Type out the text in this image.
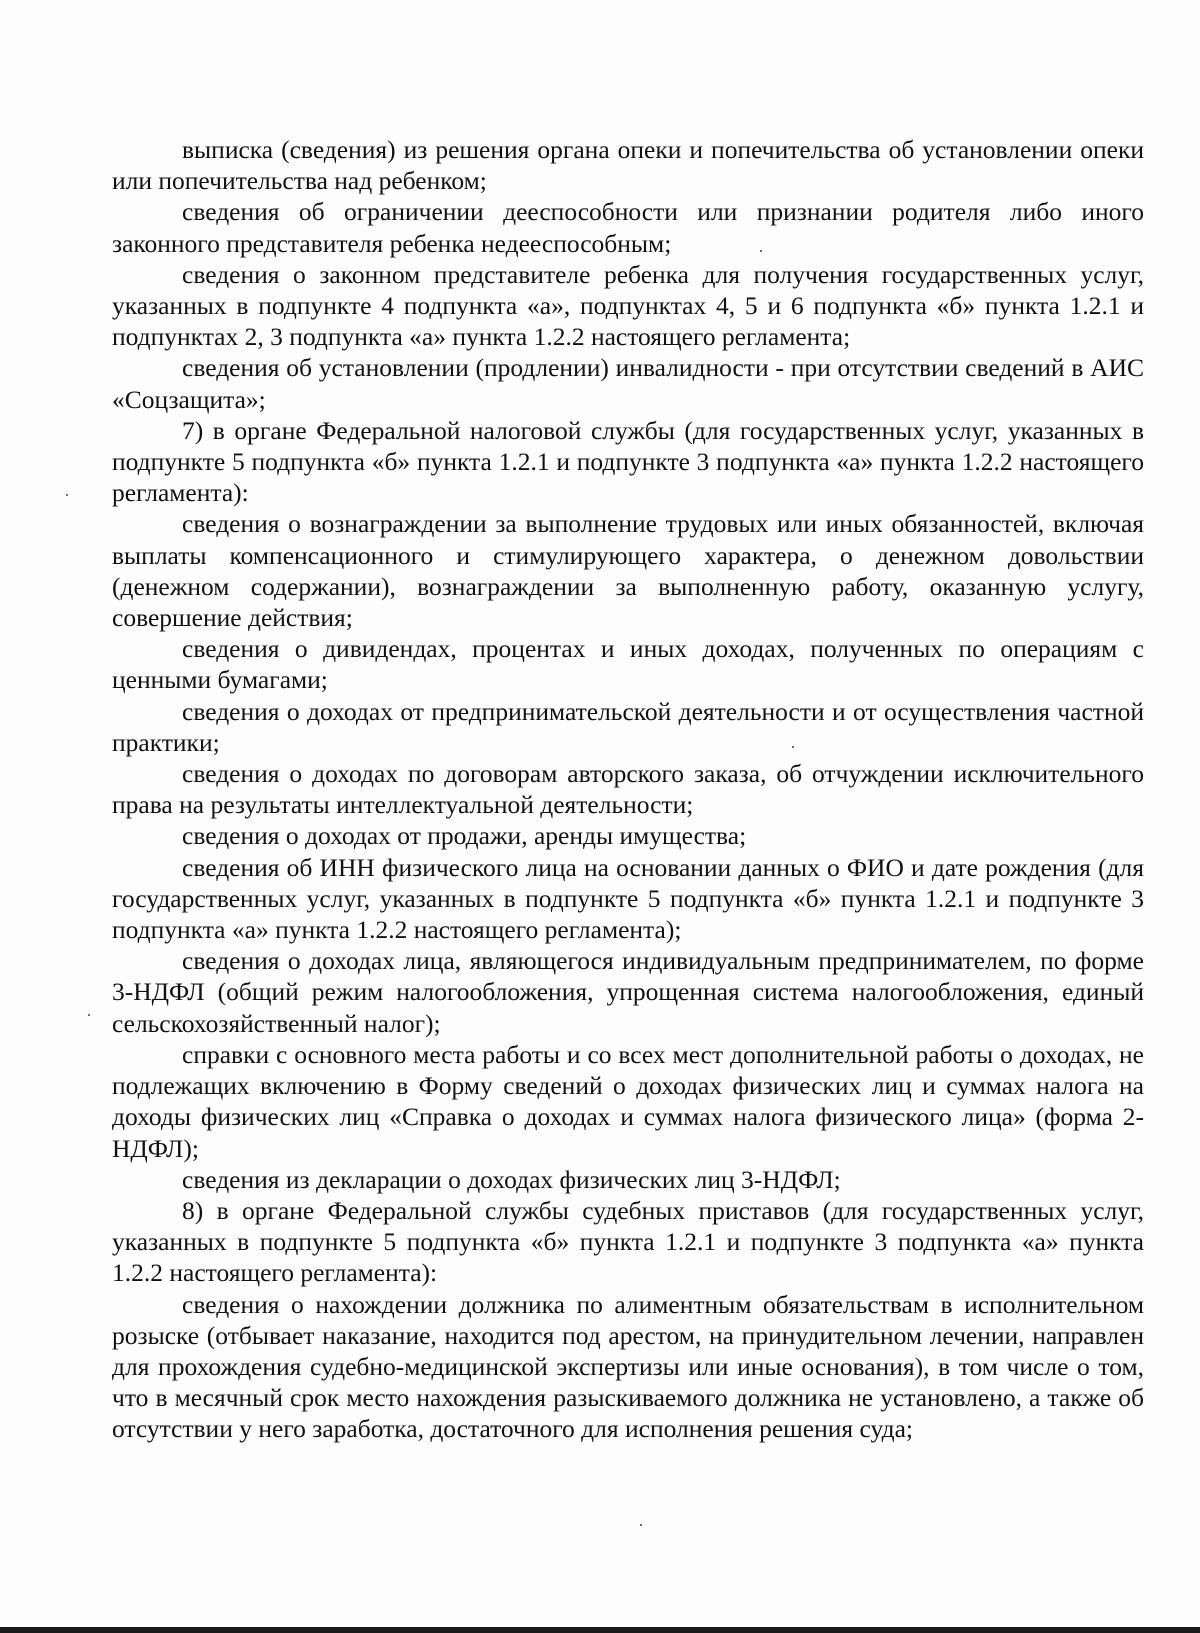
выписка (сведения) из решения органа опеки и попечительства об установлении опеки или попечительства над ребенком;

сведения об ограничении дееспособности или признании родителя либо иного законного представителя ребенка недееспособным;

сведения о законном представителе ребенка для получения государственных услуг, указанных в подпункте 4 подпункта «а», подпунктах 4, 5 и 6 подпункта «б» пункта 1.2.1 и подпунктах 2, 3 подпункта «а» пункта 1.2.2 настоящего регламента;

сведения об установлении (продлении) инвалидности - при отсутствии сведений в АИС «Соцзащита»;

7) в органе Федеральной налоговой службы (для государственных услуг, указанных в подпункте 5 подпункта «б» пункта 1.2.1 и подпункте 3 подпункта «а» пункта 1.2.2 настоящего регламента):

сведения о вознаграждении за выполнение трудовых или иных обязанностей, включая выплаты компенсационного и стимулирующего характера, о денежном довольствии (денежном содержании), вознаграждении за выполненную работу, оказанную услугу, совершение действия;

сведения о дивидендах, процентах и иных доходах, полученных по операциям с ценными бумагами;

сведения о доходах от предпринимательской деятельности и от осуществления частной практики;

сведения о доходах по договорам авторского заказа, об отчуждении исключительного права на результаты интеллектуальной деятельности;

сведения о доходах от продажи, аренды имущества;

сведения об ИНН физического лица на основании данных о ФИО и дате рождения (для государственных услуг, указанных в подпункте 5 подпункта «б» пункта 1.2.1 и подпункте 3 подпункта «а» пункта 1.2.2 настоящего регламента);

сведения о доходах лица, являющегося индивидуальным предпринимателем, по форме 3-НДФЛ (общий режим налогообложения, упрощенная система налогообложения, единый сельскохозяйственный налог);

справки с основного места работы и со всех мест дополнительной работы о доходах, не подлежащих включению в Форму сведений о доходах физических лиц и суммах налога на доходы физических лиц «Справка о доходах и суммах налога физического лица» (форма 2-НДФЛ);

сведения из декларации о доходах физических лиц 3-НДФЛ;

8) в органе Федеральной службы судебных приставов (для государственных услуг, указанных в подпункте 5 подпункта «б» пункта 1.2.1 и подпункте 3 подпункта «а» пункта 1.2.2 настоящего регламента):

сведения о нахождении должника по алиментным обязательствам в исполнительном розыске (отбывает наказание, находится под арестом, на принудительном лечении, направлен для прохождения судебно-медицинской экспертизы или иные основания), в том числе о том, что в месячный срок место нахождения разыскиваемого должника не установлено, а также об отсутствии у него заработка, достаточного для исполнения решения суда;
